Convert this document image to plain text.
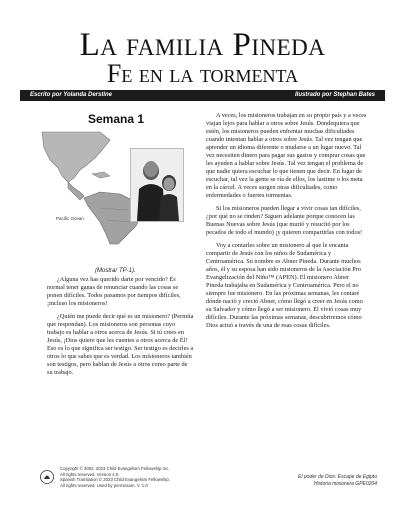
La familia Pineda
Fe en la tormenta
Escrito por Yolanda Derstine	Ilustrado por Stephan Bates
Semana 1
Pacific Ocean
(Mostrar TP-1).

¿Alguna vez has querido darte por vencido? Es normal tener ganas de renunciar cuando las cosas se ponen difíciles. Todos pasamos por tiempos difíciles, ¡incluso los misioneros!

¿Quién me puede decir qué es un misionero? (Permita que respondan). Los misioneros son personas cuyo trabajo es hablar a otros acerca de Jesús. Si tú crees en Jesús, ¡Dios quiere que les cuentes a otros acerca de Él! Eso es lo que significa ser testigo. Ser testigo es decirles a otros lo que sabes que es verdad. Los misioneros también son testigos, pero hablan de Jesús a otros como parte de su trabajo.

A veces, los misioneros trabajan en su propio país y a veces viajan lejos para hablar a otros sobre Jesús. Dondequiera que estén, los misioneros pueden enfrentar muchas dificultades cuando intentan hablar a otros sobre Jesús. Tal vez tengan que aprender un idioma diferente o mudarse a un lugar nuevo. Tal vez necesiten dinero para pagar sus gastos y comprar cosas que les ayuden a hablar sobre Jesús. Tal vez tengan el problema de que nadie quiera escuchar lo que tienen que decir. En lugar de escuchar, tal vez la gente se ría de ellos, los lastime o los meta en la cárcel. A veces surgen otras dificultades, como enfermedades o fuertes tormentas.

Si los misioneros pueden llegar a vivir cosas tan difíciles, ¿por qué no se rinden? Siguen adelante porque conocen las Buenas Nuevas sobre Jesús (que murió y resucitó por los pecados de todo el mundo) ¡y quieren compartirlas con todos!

Voy a contarles sobre un misionero al que le encanta compartir de Jesús con los niños de Sudamérica y Centroamérica. Su nombre es Abner Pineda. Durante muchos años, él y su esposa han sido misioneros de la Asociación Pro Evangelización del Niño™ (APEN). El misionero Abner Pineda trabajaba en Sudamérica y Centroamérica. Pero el no siempre fue misionero. En las próximas semanas, les contaré dónde nació y creció Abner, cómo llegó a creer en Jesús como su Salvador y cómo llegó a ser misionero. Él vivió cosas muy difíciles. Durante las próximas semanas, descubriremos cómo Dios actuó a través de una de esas cosas difíciles.

Copyright © 2002, 2023 Child Evangelism Fellowship Inc.
All rights reserved. Version 4.0
Spanish Translation © 2023 Child Evangelism Fellowship.
All rights reserved. Used by permission. V. 1.0
El poder de Dios: Escape de Egipto
Historia misionera GPE0204
